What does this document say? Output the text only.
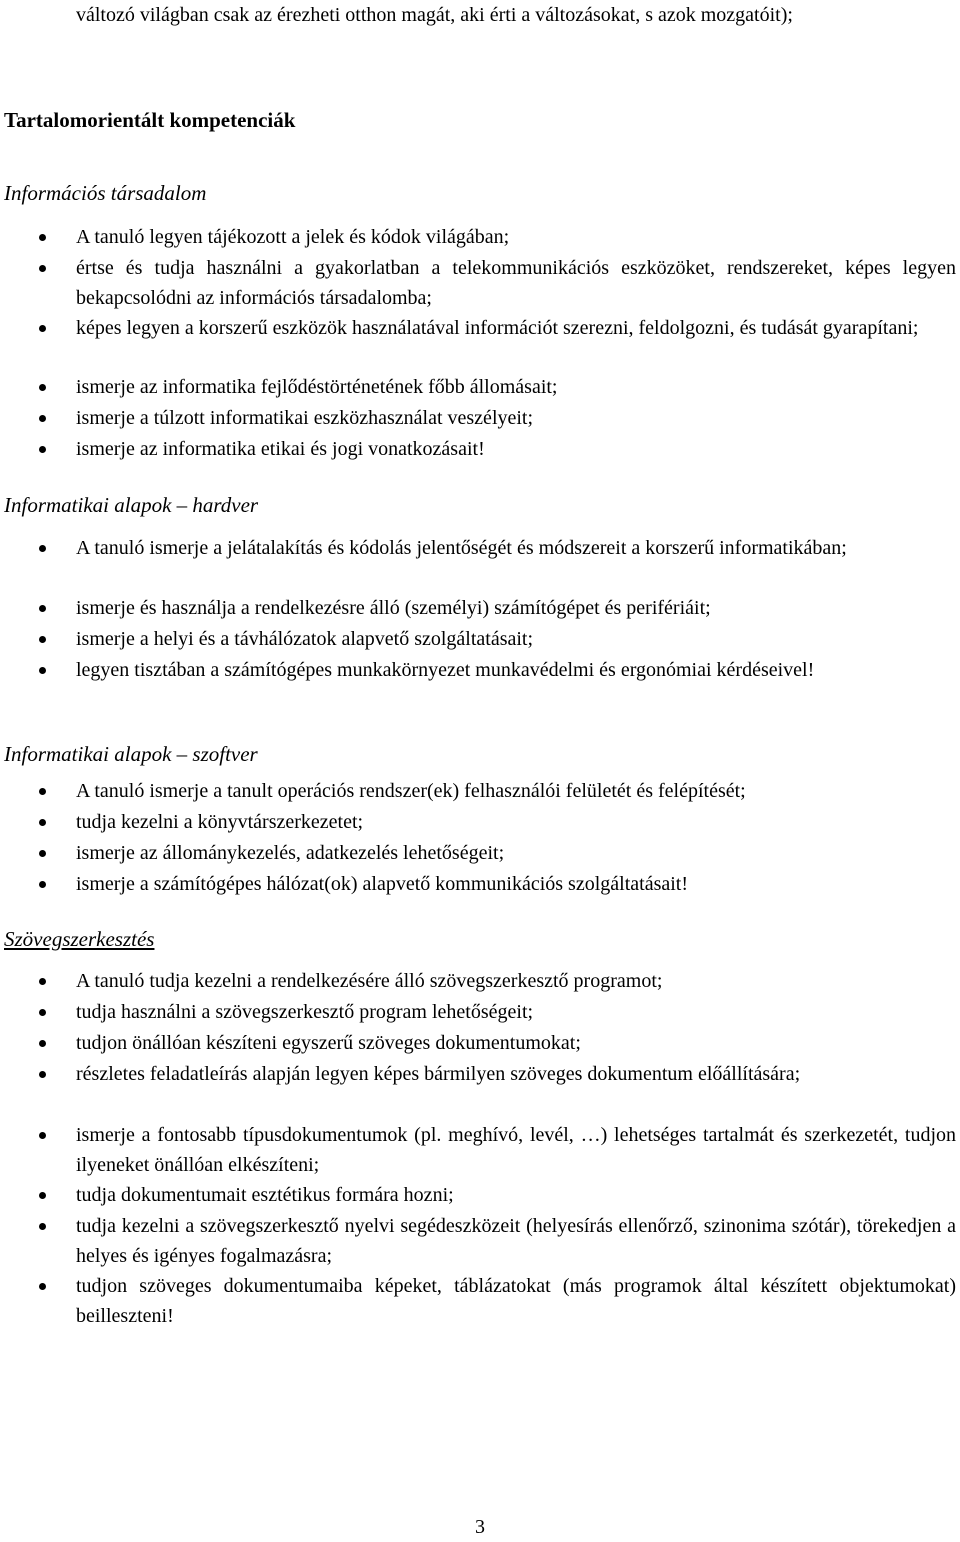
változó világban csak az érezheti otthon magát, aki érti a változásokat, s azok mozgatóit);
Tartalomorientált kompetenciák
Információs társadalom
A tanuló legyen tájékozott a jelek és kódok világában;
értse és tudja használni a gyakorlatban a telekommunikációs eszközöket, rendszereket, képes legyen bekapcsolódni az információs társadalomba;
képes legyen a korszerű eszközök használatával információt szerezni, feldolgozni, és tudását gyarapítani;
ismerje az informatika fejlődéstörténetének főbb állomásait;
ismerje a túlzott informatikai eszközhasználat veszélyeit;
ismerje az informatika etikai és jogi vonatkozásait!
Informatikai alapok – hardver
A tanuló ismerje a jelátalakítás és kódolás jelentőségét és módszereit a korszerű informatikában;
ismerje és használja a rendelkezésre álló (személyi) számítógépet és perifériáit;
ismerje a helyi és a távhálózatok alapvető szolgáltatásait;
legyen tisztában a számítógépes munkakörnyezet munkavédelmi és ergonómiai kérdéseivel!
Informatikai alapok – szoftver
A tanuló ismerje a tanult operációs rendszer(ek) felhasználói felületét és felépítését;
tudja kezelni a könyvtárszerkezetet;
ismerje az állománykezelés, adatkezelés lehetőségeit;
ismerje a számítógépes hálózat(ok) alapvető kommunikációs szolgáltatásait!
Szövegszerkesztés
A tanuló tudja kezelni a rendelkezésére álló szövegszerkesztő programot;
tudja használni a szövegszerkesztő program lehetőségeit;
tudjon önállóan készíteni egyszerű szöveges dokumentumokat;
részletes feladatleírás alapján legyen képes bármilyen szöveges dokumentum előállítására;
ismerje a fontosabb típusdokumentumok (pl. meghívó, levél, …) lehetséges tartalmát és szerkezetét, tudjon ilyeneket önállóan elkészíteni;
tudja dokumentumait esztétikus formára hozni;
tudja kezelni a szövegszerkesztő nyelvi segédeszközeit (helyesírás ellenőrző, szinonima szótár), törekedjen a helyes és igényes fogalmazásra;
tudjon szöveges dokumentumaiba képeket, táblázatokat (más programok által készített objektumokat) beilleszteni!
3
